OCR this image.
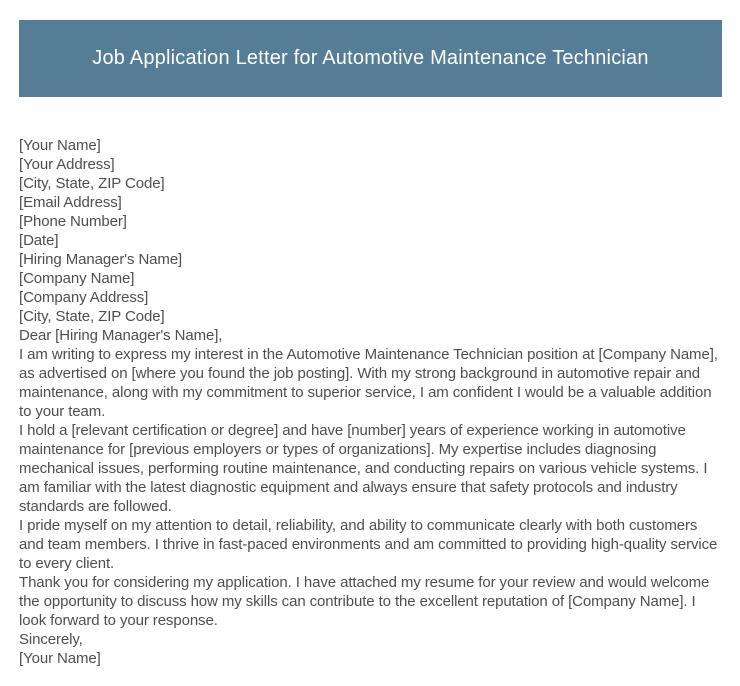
Job Application Letter for Automotive Maintenance Technician
[Your Name]
[Your Address]
[City, State, ZIP Code]
[Email Address]
[Phone Number]
[Date]
[Hiring Manager's Name]
[Company Name]
[Company Address]
[City, State, ZIP Code]
Dear [Hiring Manager's Name],

I am writing to express my interest in the Automotive Maintenance Technician position at [Company Name], as advertised on [where you found the job posting]. With my strong background in automotive repair and maintenance, along with my commitment to superior service, I am confident I would be a valuable addition to your team.

I hold a [relevant certification or degree] and have [number] years of experience working in automotive maintenance for [previous employers or types of organizations]. My expertise includes diagnosing mechanical issues, performing routine maintenance, and conducting repairs on various vehicle systems. I am familiar with the latest diagnostic equipment and always ensure that safety protocols and industry standards are followed.

I pride myself on my attention to detail, reliability, and ability to communicate clearly with both customers and team members. I thrive in fast-paced environments and am committed to providing high-quality service to every client.

Thank you for considering my application. I have attached my resume for your review and would welcome the opportunity to discuss how my skills can contribute to the excellent reputation of [Company Name]. I look forward to your response.

Sincerely,
[Your Name]
